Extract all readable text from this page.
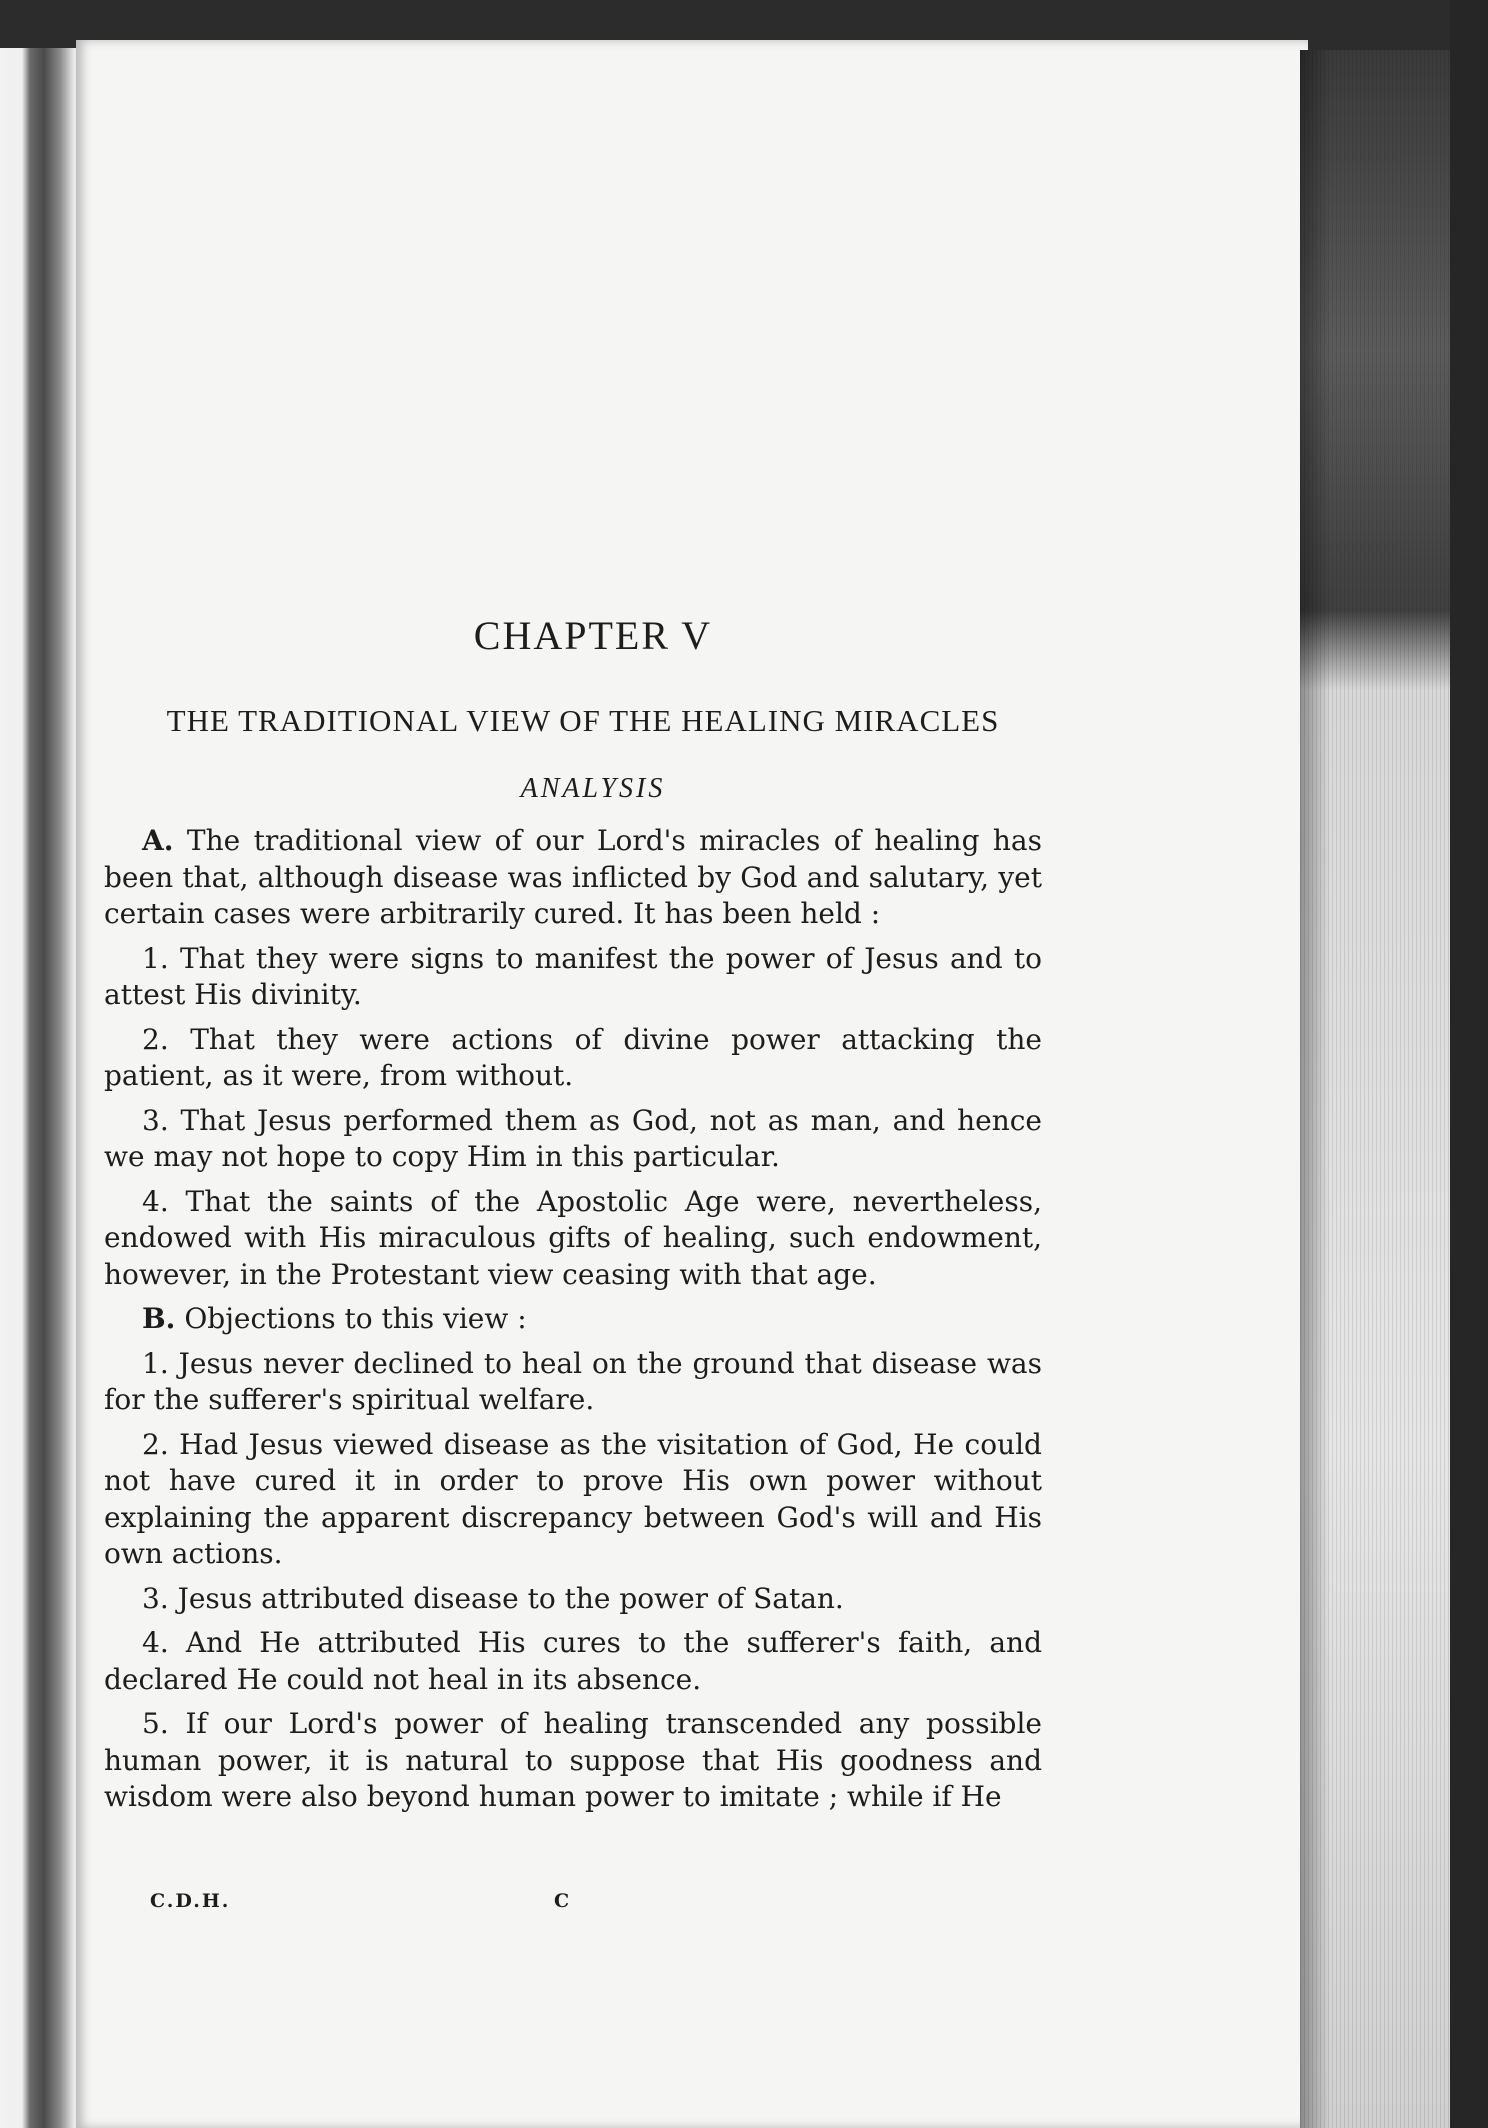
CHAPTER V
THE TRADITIONAL VIEW OF THE HEALING MIRACLES
ANALYSIS
A. The traditional view of our Lord's miracles of healing has been that, although disease was inflicted by God and salutary, yet certain cases were arbitrarily cured. It has been held :
1. That they were signs to manifest the power of Jesus and to attest His divinity.
2. That they were actions of divine power attacking the patient, as it were, from without.
3. That Jesus performed them as God, not as man, and hence we may not hope to copy Him in this particular.
4. That the saints of the Apostolic Age were, nevertheless, endowed with His miraculous gifts of healing, such endowment, however, in the Protestant view ceasing with that age.
B. Objections to this view :
1. Jesus never declined to heal on the ground that disease was for the sufferer's spiritual welfare.
2. Had Jesus viewed disease as the visitation of God, He could not have cured it in order to prove His own power without explaining the apparent discrepancy between God's will and His own actions.
3. Jesus attributed disease to the power of Satan.
4. And He attributed His cures to the sufferer's faith, and declared He could not heal in its absence.
5. If our Lord's power of healing transcended any possible human power, it is natural to suppose that His goodness and wisdom were also beyond human power to imitate ; while if He
C.D.H.	C
